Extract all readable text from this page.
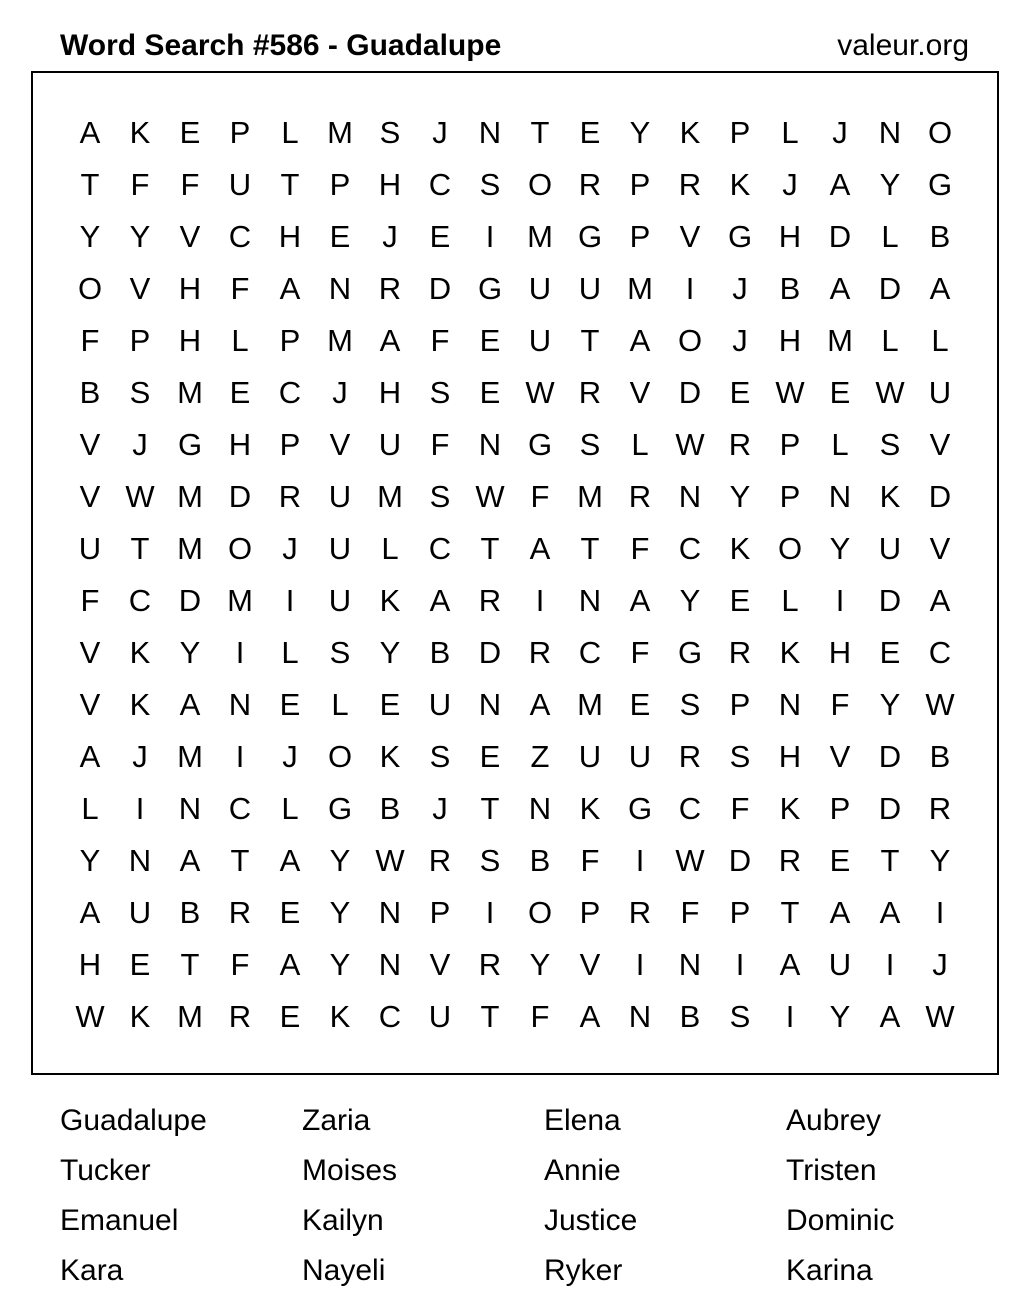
Word Search #586 - Guadalupe	valeur.org
A K E P	L M S	J	N T E Y K P	L	J	N O
T	F	F U T P H C S O R P R K	J	A Y G
Y Y V C H E	J	E	I	M G P V G H D L	B
O V H F A N R D G U U M	I	J	B A D A
F P H L	P M A F E U T A O J	H M L	L
B S M E C	J	H S E W R V D E W E W U
V	J G H P V U F N G S	L W R P	L	S V
V W M D R U M S W F M R N Y P N K D
U T M O J	U L C T A T	F C K O Y U V
F C D M	I	U K A R	I	N A Y E	L	I	D A
V K Y	I	L	S Y B D R C F G R K H E C
V K A N E	L	E U N A M E S P N F Y W
A	J M	I	J O K S E Z U U R S H V D B
L	I	N C L G B	J	T N K G C F K P D R
Y N A T A Y W R S B F	I	W D R E T Y
A U B R E Y N P	I	O P R F P T A A	I
H E T	F A Y N V R Y V	I	N	I	A U	I	J
W K M R E K C U T	F A N B S	I	Y A W
Guadalupe	Zaria	Elena	Aubrey
Tucker	Moises	Annie	Tristen
Emanuel	Kailyn	Justice	Dominic
Kara	Nayeli	Ryker	Karina
